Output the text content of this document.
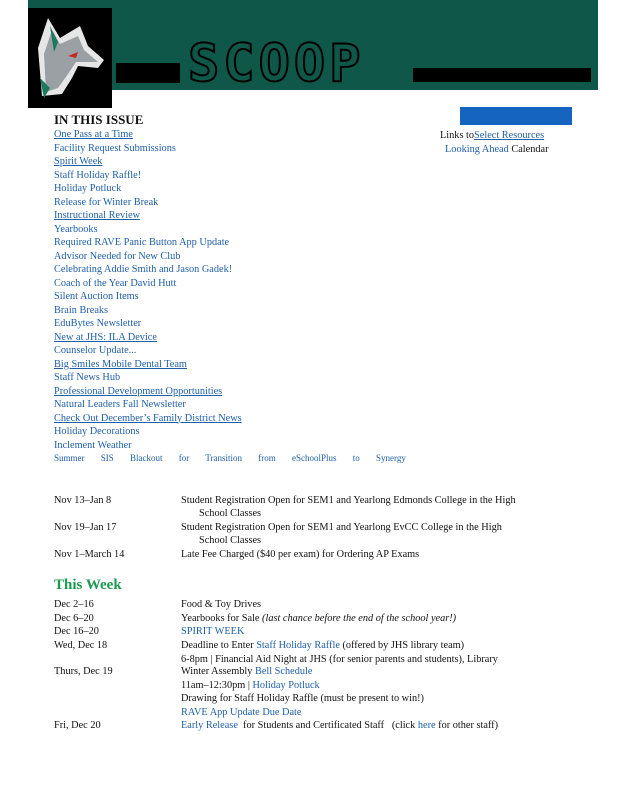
SCOOP
IN THIS ISSUE
One Pass at a Time
Facility Request Submissions
Spirit Week
Staff Holiday Raffle!
Holiday Potluck
Release for Winter Break
Instructional Review
Yearbooks
Required RAVE Panic Button App Update
Advisor Needed for New Club
Celebrating Addie Smith and Jason Gadek!
Coach of the Year David Hutt
Silent Auction Items
Brain Breaks
EduBytes Newsletter
New at JHS: ILA Device
Counselor Update...
Big Smiles Mobile Dental Team
Staff News Hub
Professional Development Opportunities
Natural Leaders Fall Newsletter
Check Out December’s Family District News
Holiday Decorations
Inclement Weather
Summer SIS Blackout for Transition from eSchoolPlus to Synergy
Links toSelect Resources
Looking Ahead Calendar
Nov 13–Jan 8	Student Registration Open for SEM1 and Yearlong Edmonds College in the High
School Classes
Nov 19–Jan 17	Student Registration Open for SEM1 and Yearlong EvCC College in the High
School Classes
Nov 1–March 14	Late Fee Charged ($40 per exam) for Ordering AP Exams
This Week
Dec 2–16	Food & Toy Drives
Dec 6–20	Yearbooks for Sale (last chance before the end of the school year!)
Dec 16–20	SPIRIT WEEK
Wed, Dec 18	Deadline to Enter Staff Holiday Raffle (offered by JHS library team)
6-8pm | Financial Aid Night at JHS (for senior parents and students), Library
Thurs, Dec 19	Winter Assembly Bell Schedule
11am–12:30pm | Holiday Potluck
Drawing for Staff Holiday Raffle (must be present to win!)
RAVE App Update Due Date
Fri, Dec 20	Early Release  for Students and Certificated Staff   (click here for other staff)
